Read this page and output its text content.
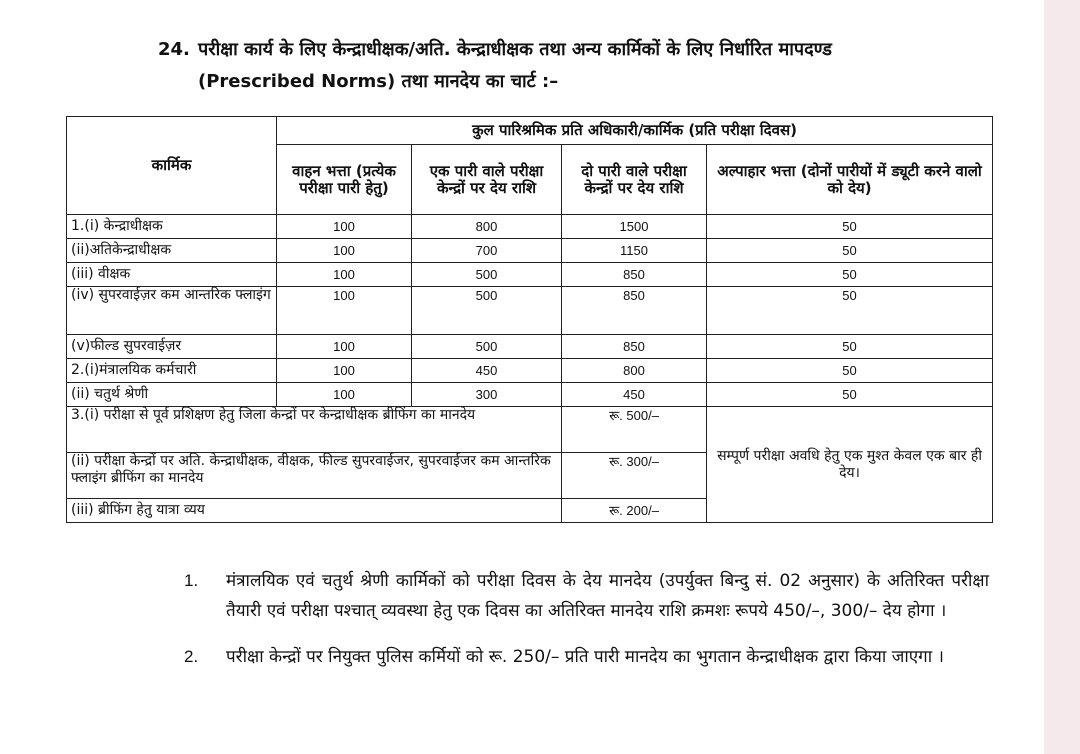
24. परीक्षा कार्य के लिए केन्द्राधीक्षक/अति. केन्द्राधीक्षक तथा अन्य कार्मिकों के लिए निर्धारित मापदण्ड
(Prescribed Norms) तथा मानदेय का चार्ट :–
कार्मिक	कुल पारिश्रमिक प्रति अधिकारी/कार्मिक (प्रति परीक्षा दिवस)			
	वाहन भत्ता (प्रत्येक परीक्षा पारी हेतु)	एक पारी वाले परीक्षा केन्द्रों पर देय राशि	दो पारी वाले परीक्षा केन्द्रों पर देय राशि	अल्पाहार भत्ता (दोनों पारीयों में ड्यूटी करने वालो को देय)
1.(i) केन्द्राधीक्षक	100	800	1500	50
(ii)अतिकेन्द्राधीक्षक	100	700	1150	50
(iii) वीक्षक	100	500	850	50
(iv) सुपरवाईज़र कम आन्तरिक फ्लाइंग	100	500	850	50
(v)फील्ड सुपरवाईज़र	100	500	850	50
2.(i)मंत्रालयिक कर्मचारी	100	450	800	50
(ii) चतुर्थ श्रेणी	100	300	450	50
3.(i) परीक्षा से पूर्व प्रशिक्षण हेतु जिला केन्द्रों पर केन्द्राधीक्षक ब्रीफिंग का मानदेय			रू. 500/–	सम्पूर्ण परीक्षा अवधि हेतु एक मुश्त केवल एक बार ही देय।
(ii) परीक्षा केन्द्रों पर अति. केन्द्राधीक्षक, वीक्षक, फील्ड सुपरवाईजर, सुपरवाईजर कम आन्तरिक फ्लाइंग ब्रीफिंग का मानदेय			रू. 300/–	
(iii) ब्रीफिंग हेतु यात्रा व्यय			रू. 200/–	
1.	मंत्रालयिक एवं चतुर्थ श्रेणी कार्मिकों को परीक्षा दिवस के देय मानदेय (उपर्युक्त बिन्दु सं. 02 अनुसार) के अतिरिक्त परीक्षा तैयारी एवं परीक्षा पश्चात् व्यवस्था हेतु एक दिवस का अतिरिक्त मानदेय राशि क्रमशः रूपये 450/–, 300/– देय होगा ।
2.	परीक्षा केन्द्रों पर नियुक्त पुलिस कर्मियों को रू. 250/– प्रति पारी मानदेय का भुगतान केन्द्राधीक्षक द्वारा किया जाएगा ।
